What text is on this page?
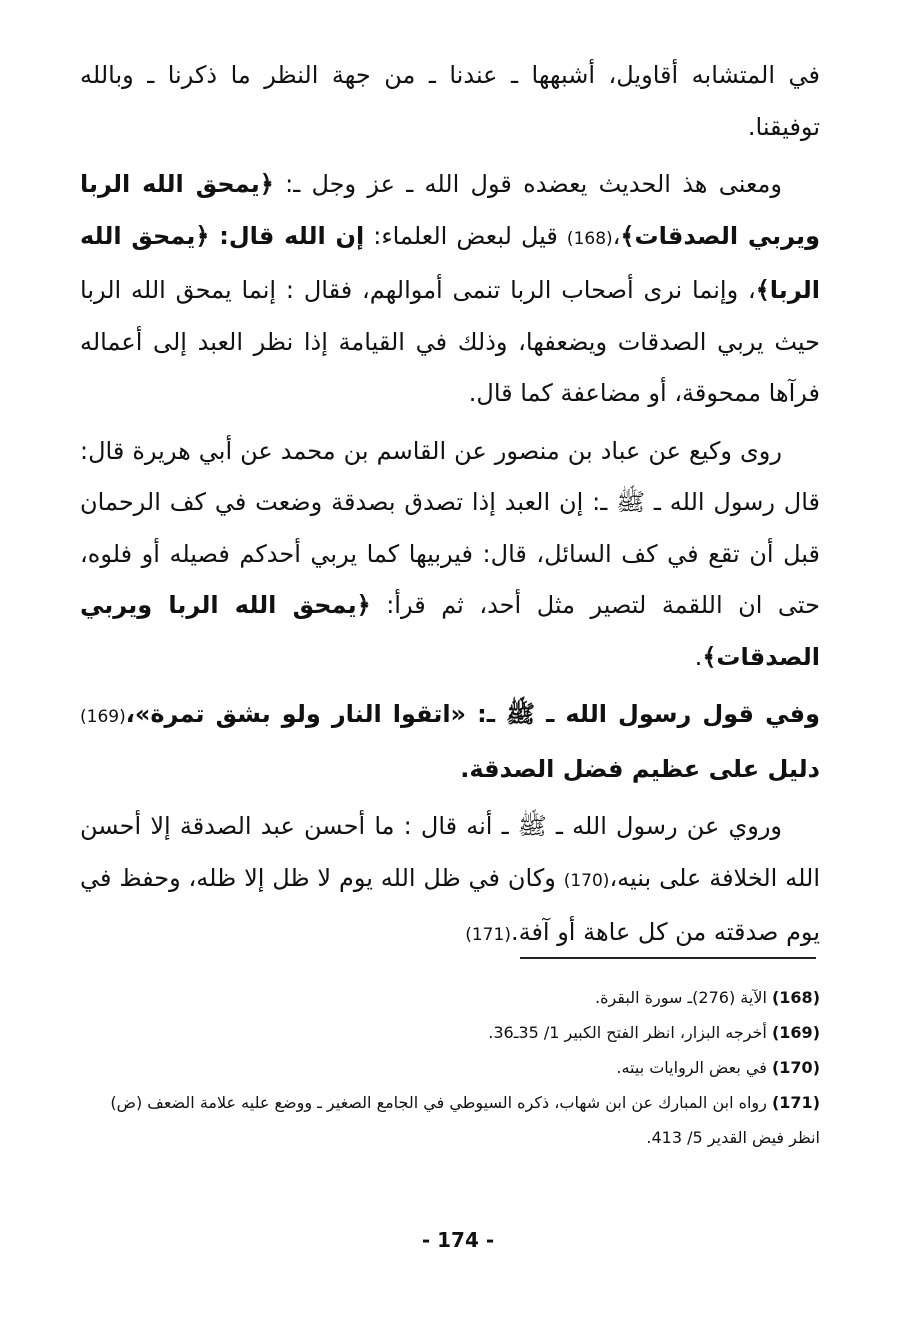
في المتشابه أقاويل، أشبهها ـ عندنا ـ من جهة النظر ما ذكرنا ـ وبالله توفيقنا.

ومعنى هذ الحديث يعضده قول الله ـ عز وجل ـ: ﴿يمحق الله الربا ويربي الصدقات﴾،(168) قيل لبعض العلماء: إن الله قال: ﴿يمحق الله الربا﴾، وإنما نرى أصحاب الربا تنمى أموالهم، فقال : إنما يمحق الله الربا حيث يربي الصدقات ويضعفها، وذلك في القيامة إذا نظر العبد إلى أعماله فرآها ممحوقة، أو مضاعفة كما قال.

روى وكيع عن عباد بن منصور عن القاسم بن محمد عن أبي هريرة قال: قال رسول الله ـ ﷺ ـ: إن العبد إذا تصدق بصدقة وضعت في كف الرحمان قبل أن تقع في كف السائل، قال: فيربيها كما يربي أحدكم فصيله أو فلوه، حتى ان اللقمة لتصير مثل أحد، ثم قرأ: ﴿يمحق الله الربا ويربي الصدقات﴾.

وفي قول رسول الله ـ ﷺ ـ: «اتقوا النار ولو بشق تمرة»،(169) دليل على عظيم فضل الصدقة.

وروي عن رسول الله ـ ﷺ ـ أنه قال : ما أحسن عبد الصدقة إلا أحسن الله الخلافة على بنيه،(170) وكان في ظل الله يوم لا ظل إلا ظله، وحفظ في يوم صدقته من كل عاهة أو آفة.(171)

(168) الآية (276)ـ سورة البقرة.

(169) أخرجه البزار، انظر الفتح الكبير 1/ 35ـ36.

(170) في بعض الروايات بيته.

(171) رواه ابن المبارك عن ابن شهاب، ذكره السيوطي في الجامع الصغير ـ ووضع عليه علامة الضعف (ض) انظر فيض القدير 5/ 413.

- 174 -
